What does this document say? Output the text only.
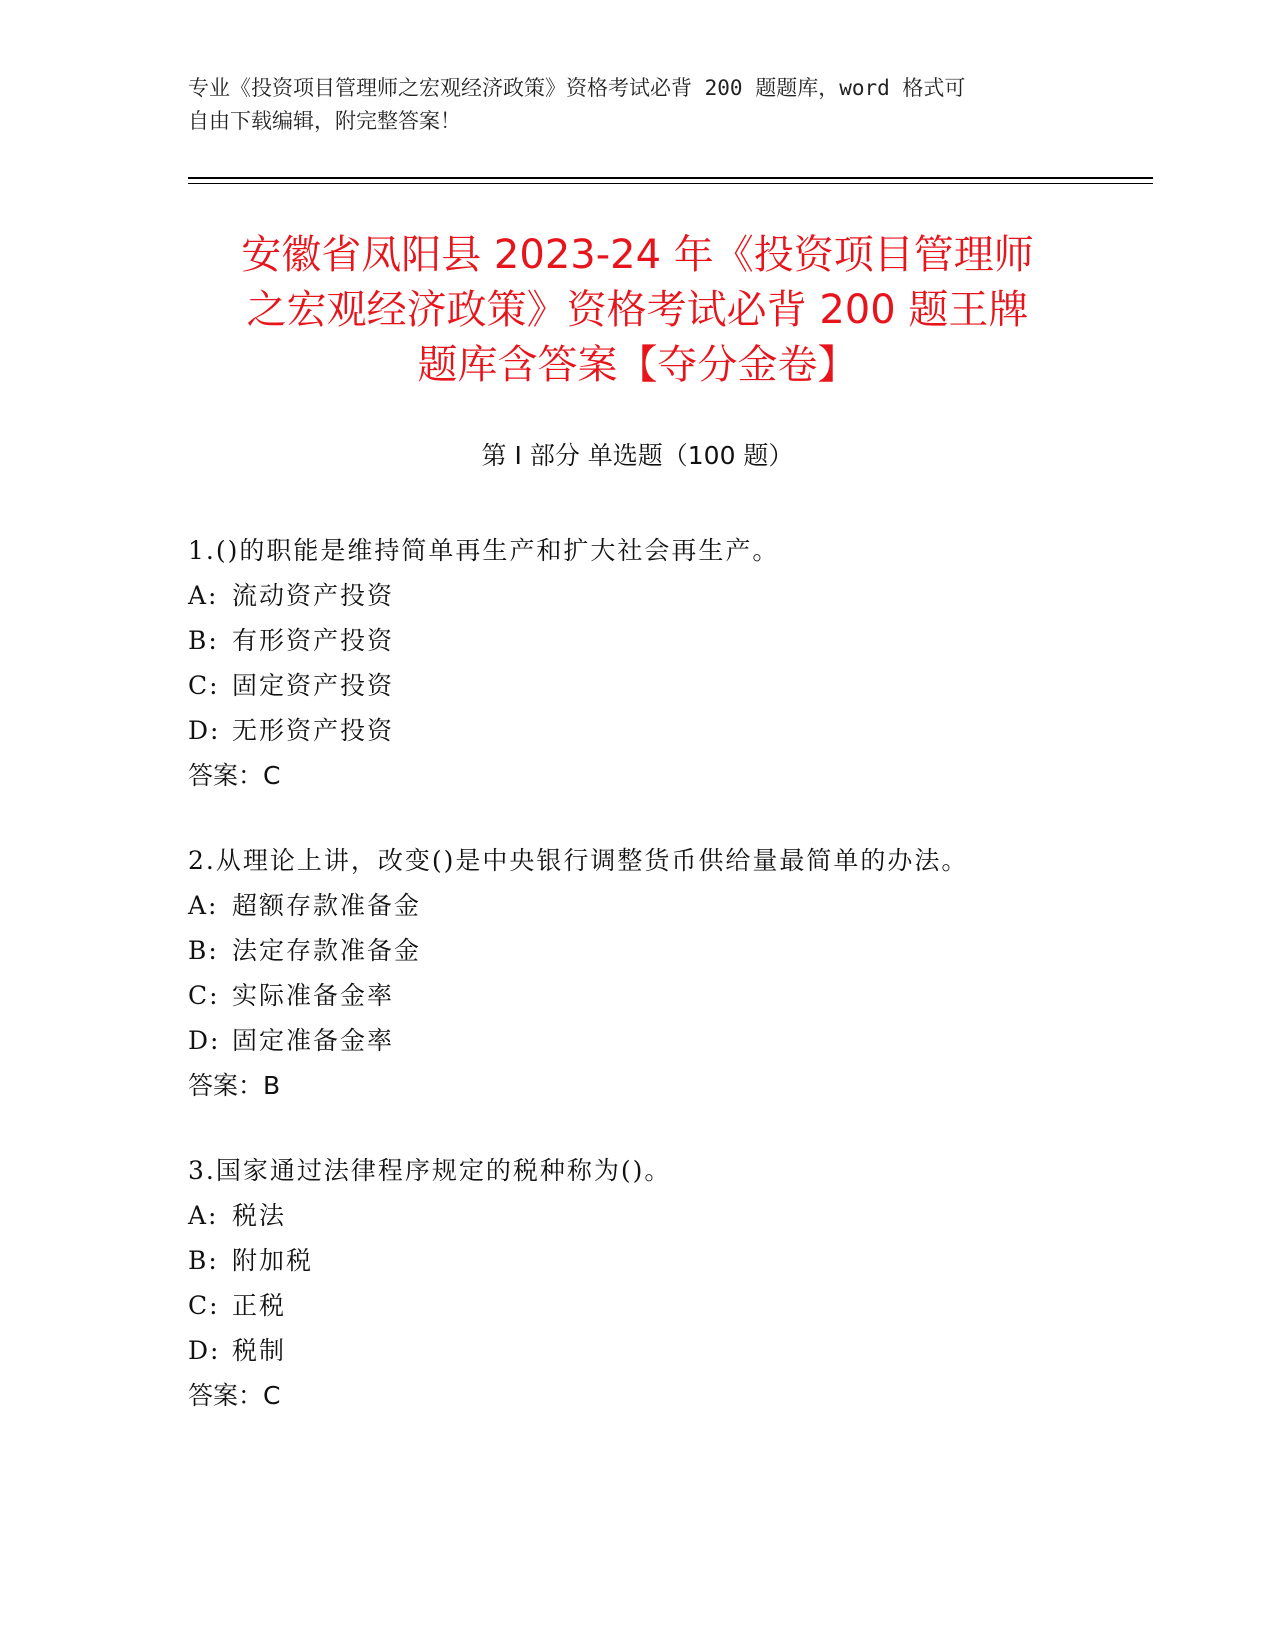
专业《投资项目管理师之宏观经济政策》资格考试必背 200 题题库，word 格式可
自由下载编辑，附完整答案！
安徽省凤阳县 2023-24 年《投资项目管理师
之宏观经济政策》资格考试必背 200 题王牌
题库含答案【夺分金卷】
第 I 部分 单选题（100 题）
1.()的职能是维持简单再生产和扩大社会再生产。
A: 流动资产投资
B: 有形资产投资
C: 固定资产投资
D: 无形资产投资
答案：C
2.从理论上讲，改变()是中央银行调整货币供给量最简单的办法。
A: 超额存款准备金
B: 法定存款准备金
C: 实际准备金率
D: 固定准备金率
答案：B
3.国家通过法律程序规定的税种称为()。
A: 税法
B: 附加税
C: 正税
D: 税制
答案：C
